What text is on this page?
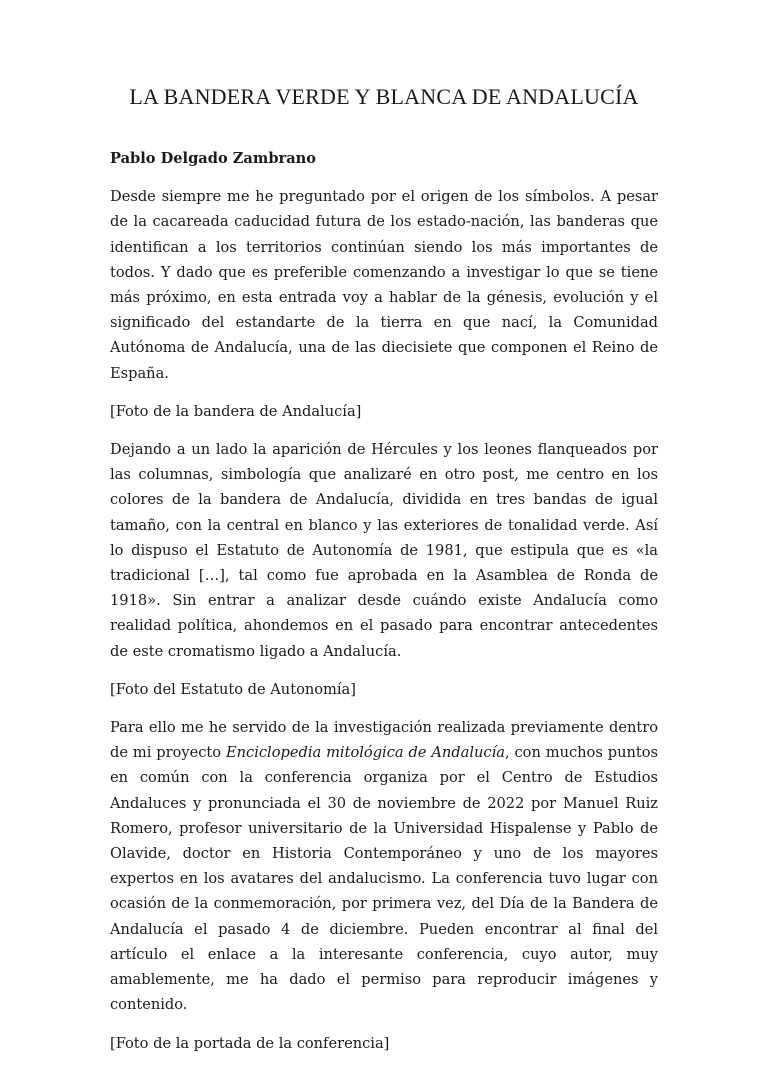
LA BANDERA VERDE Y BLANCA DE ANDALUCÍA

Pablo Delgado Zambrano

Desde siempre me he preguntado por el origen de los símbolos. A pesar de la cacareada caducidad futura de los estado-nación, las banderas que identifican a los territorios continúan siendo los más importantes de todos. Y dado que es preferible comenzando a investigar lo que se tiene más próximo, en esta entrada voy a hablar de la génesis, evolución y el significado del estandarte de la tierra en que nací, la Comunidad Autónoma de Andalucía, una de las diecisiete que componen el Reino de España.

[Foto de la bandera de Andalucía]

Dejando a un lado la aparición de Hércules y los leones flanqueados por las columnas, simbología que analizaré en otro post, me centro en los colores de la bandera de Andalucía, dividida en tres bandas de igual tamaño, con la central en blanco y las exteriores de tonalidad verde. Así lo dispuso el Estatuto de Autonomía de 1981, que estipula que es «la tradicional […], tal como fue aprobada en la Asamblea de Ronda de 1918». Sin entrar a analizar desde cuándo existe Andalucía como realidad política, ahondemos en el pasado para encontrar antecedentes de este cromatismo ligado a Andalucía.

[Foto del Estatuto de Autonomía]

Para ello me he servido de la investigación realizada previamente dentro de mi proyecto Enciclopedia mitológica de Andalucía, con muchos puntos en común con la conferencia organiza por el Centro de Estudios Andaluces y pronunciada el 30 de noviembre de 2022 por Manuel Ruiz Romero, profesor universitario de la Universidad Hispalense y Pablo de Olavide, doctor en Historia Contemporáneo y uno de los mayores expertos en los avatares del andalucismo. La conferencia tuvo lugar con ocasión de la conmemoración, por primera vez, del Día de la Bandera de Andalucía el pasado 4 de diciembre. Pueden encontrar al final del artículo el enlace a la interesante conferencia, cuyo autor, muy amablemente, me ha dado el permiso para reproducir imágenes y contenido.

[Foto de la portada de la conferencia]
